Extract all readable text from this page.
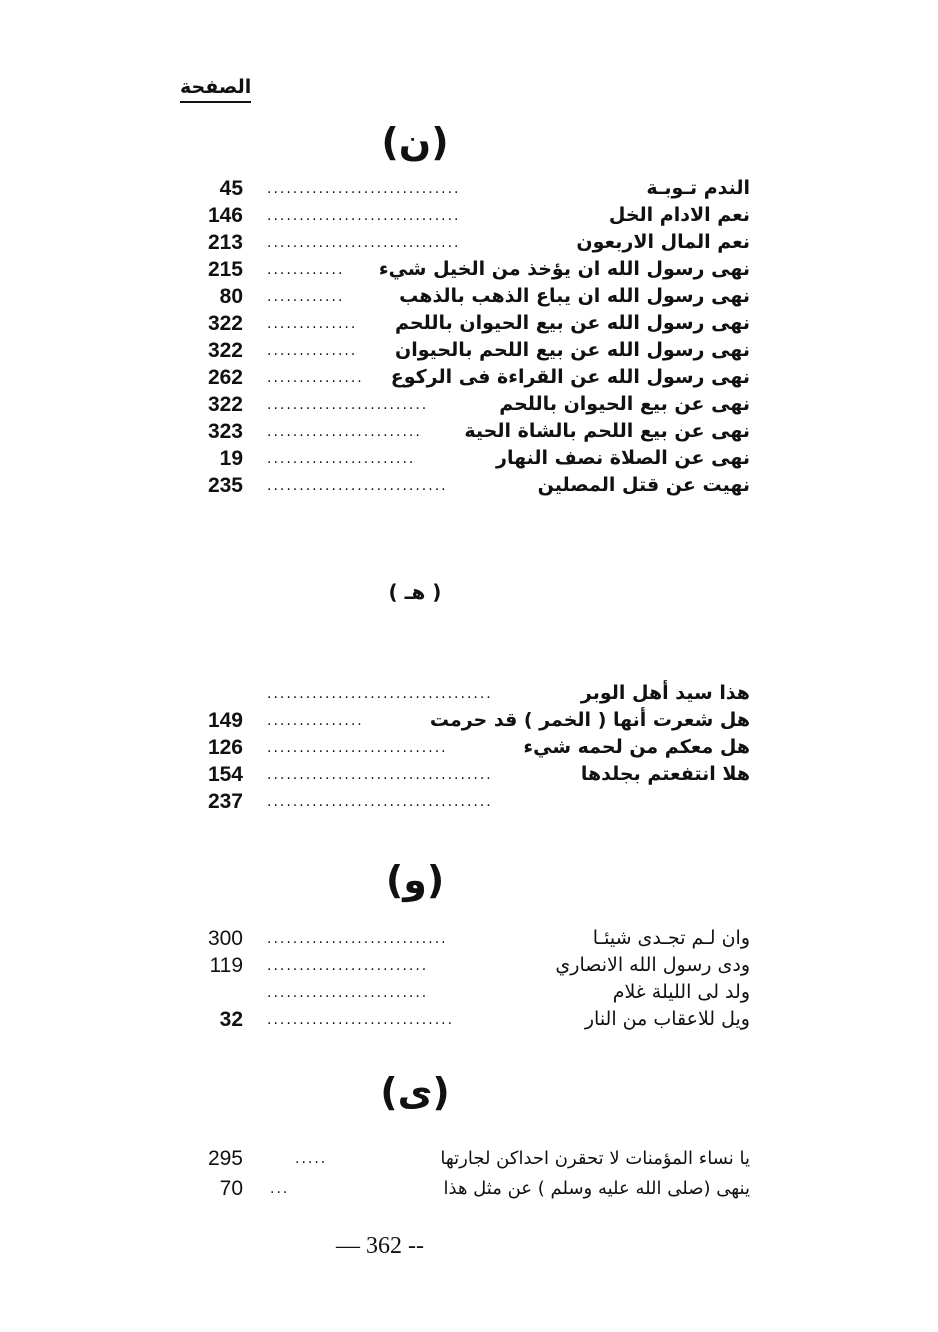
الصفحة
(ن)
الندم تـوبـة
..............................
45
نعم الادام الخل
..............................
146
نعم المال الاربعون
..............................
213
نهى رسول الله ان يؤخذ من الخيل شيء
............
215
نهى رسول الله ان يباع الذهب بالذهب
............
80
نهى رسول الله عن بيع الحيوان باللحم
..............
322
نهى رسول الله عن بيع اللحم بالحيوان
..............
322
نهى رسول الله عن القراءة فى الركوع
...............
262
نهى عن بيع الحيوان باللحم
.........................
322
نهى عن بيع اللحم بالشاة الحية
........................
323
نهى عن الصلاة نصف النهار
.......................
19
نهيت عن قتل المصلين
............................
235
( هـ )
هذا سيد أهل الوبر
...................................
هل شعرت أنها ( الخمر ) قد حرمت
...............
149
هل معكم من لحمه شيء
............................
126
هلا انتفعتم بجلدها
...................................
154
...................................
237
(و)
وان لـم تجـدى شيئـا
............................
300
ودى رسول الله الانصاري
.........................
119
ولد لى الليلة غلام
.........................
ويل للاعقاب من النار
.............................
32
(ى)
يا نساء المؤمنات لا تحقرن احداكن لجارتها
.....
295
ينهى (صلى الله عليه وسلم ) عن مثل هذا
...
70
— 362 --
